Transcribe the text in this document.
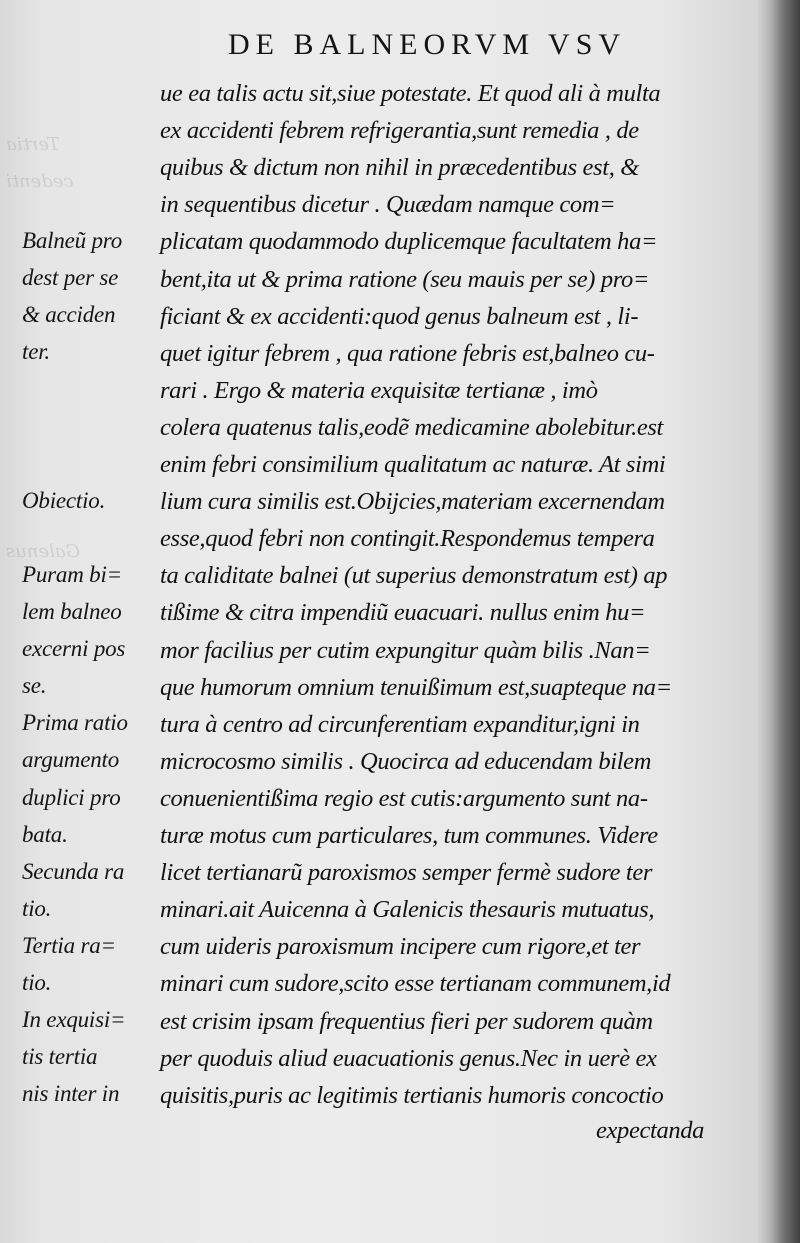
Tertia
cedenti
Galenus
DE BALNEORVM VSV
Balneũ pro
dest per se
& acciden
ter.
Obiectio.
Puram bi=
lem balneo
excerni pos
se.
Prima ratio
argumento
duplici pro
bata.
Secunda ra
tio.
Tertia ra=
tio.
In exquisi=
tis tertia
nis inter in
ue ea talis actu sit,siue potestate. Et quod ali à multa
ex accidenti febrem refrigerantia,sunt remedia , de
quibus & dictum non nihil in præcedentibus est, &
in sequentibus dicetur . Quædam namque com=
plicatam quodammodo duplicemque facultatem ha=
bent,ita ut & prima ratione (seu mauis per se) pro=
ficiant & ex accidenti:quod genus balneum est , li-
quet igitur febrem , qua ratione febris est,balneo cu-
rari . Ergo & materia exquisitæ tertianæ , imò
colera quatenus talis,eodẽ medicamine abolebitur.est
enim febri consimilium qualitatum ac naturæ. At simi
lium cura similis est.Obijcies,materiam excernendam
esse,quod febri non contingit.Respondemus tempera
ta caliditate balnei (ut superius demonstratum est) ap
tißime & citra impendiũ euacuari. nullus enim hu=
mor facilius per cutim expungitur quàm bilis .Nan=
que humorum omnium tenuißimum est,suapteque na=
tura à centro ad circunferentiam expanditur,igni in
microcosmo similis . Quocirca ad educendam bilem
conuenientißima regio est cutis:argumento sunt na-
turæ motus cum particulares, tum communes. Videre
licet tertianarũ paroxismos semper fermè sudore ter
minari.ait Auicenna à Galenicis thesauris mutuatus,
cum uideris paroxismum incipere cum rigore,et ter
minari cum sudore,scito esse tertianam communem,id
est crisim ipsam frequentius fieri per sudorem quàm
per quoduis aliud euacuationis genus.Nec in uerè ex
quisitis,puris ac legitimis tertianis humoris concoctio
expectanda
